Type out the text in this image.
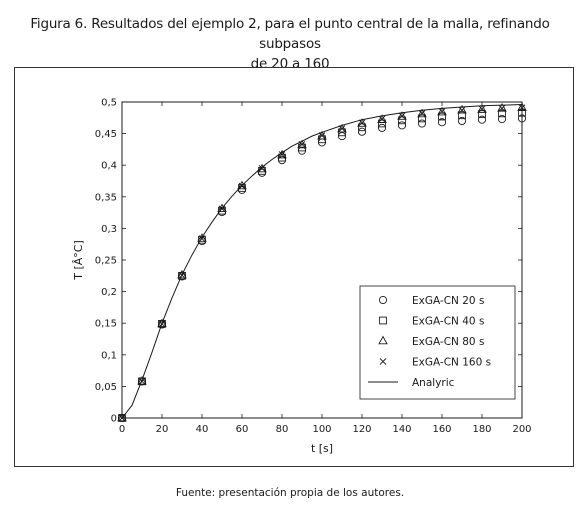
Figura 6. Resultados del ejemplo 2, para el punto central de la malla, refinando subpasos
de 20 a 160
0	20	40	60	80 100 120 140 160 180 200
0
0,05
0,1
0,15
0,2
0,25
0,3
0,35
0,4
0,45
0,5
t [s]
T [Â°C]
ExGA-CN 20 s
ExGA-CN 40 s
ExGA-CN 80 s
ExGA-CN 160 s
Analyric
Fuente: presentación propia de los autores.
